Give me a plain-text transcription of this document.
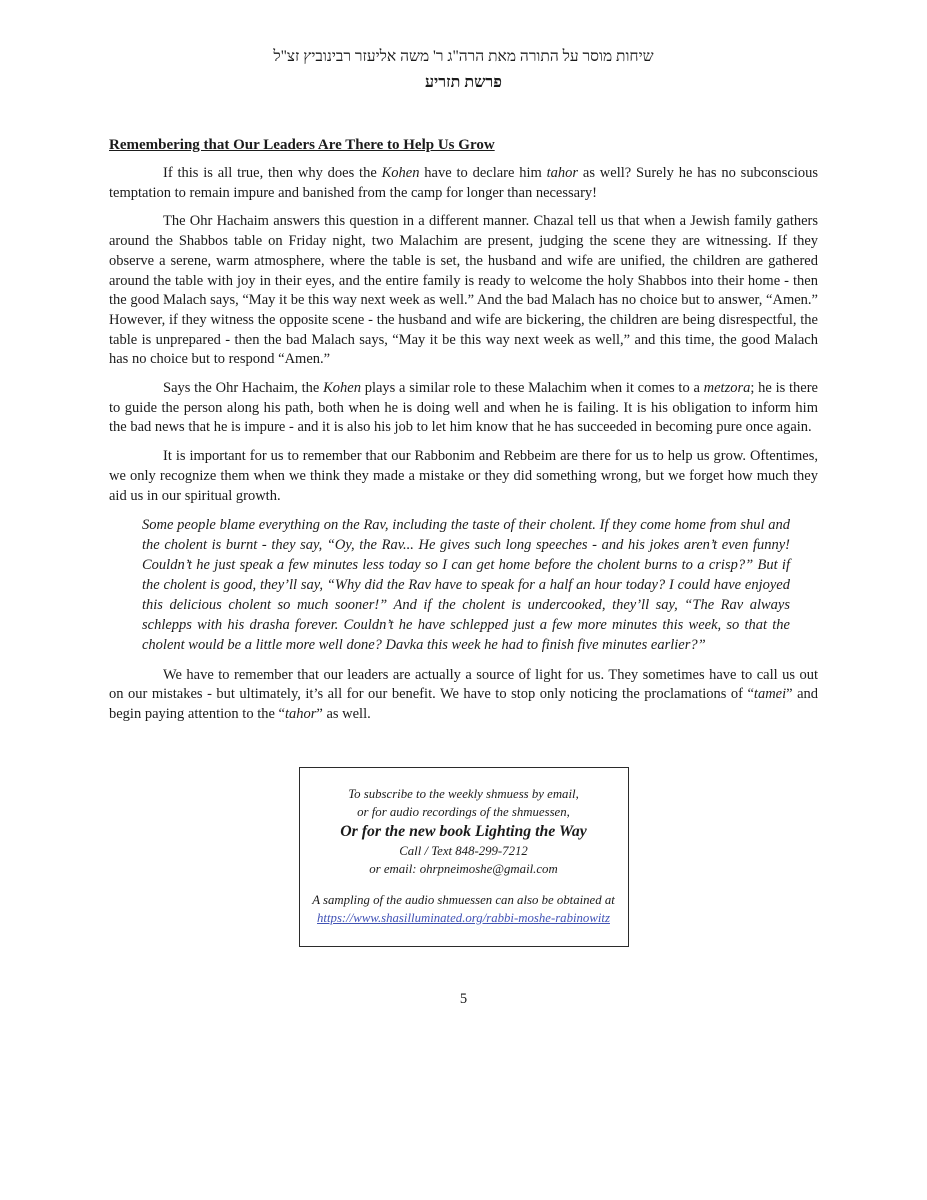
שיחות מוסר על התורה מאת הרה"ג ר' משה אליעזר רבינוביץ זצ"ל
פרשת תזריע
Remembering that Our Leaders Are There to Help Us Grow

If this is all true, then why does the Kohen have to declare him tahor as well? Surely he has no subconscious temptation to remain impure and banished from the camp for longer than necessary!

The Ohr Hachaim answers this question in a different manner. Chazal tell us that when a Jewish family gathers around the Shabbos table on Friday night, two Malachim are present, judging the scene they are witnessing. If they observe a serene, warm atmosphere, where the table is set, the husband and wife are unified, the children are gathered around the table with joy in their eyes, and the entire family is ready to welcome the holy Shabbos into their home - then the good Malach says, “May it be this way next week as well.” And the bad Malach has no choice but to answer, “Amen.” However, if they witness the opposite scene - the husband and wife are bickering, the children are being disrespectful, the table is unprepared - then the bad Malach says, “May it be this way next week as well,” and this time, the good Malach has no choice but to respond “Amen.”

Says the Ohr Hachaim, the Kohen plays a similar role to these Malachim when it comes to a metzora; he is there to guide the person along his path, both when he is doing well and when he is failing. It is his obligation to inform him the bad news that he is impure - and it is also his job to let him know that he has succeeded in becoming pure once again.

It is important for us to remember that our Rabbonim and Rebbeim are there for us to help us grow. Oftentimes, we only recognize them when we think they made a mistake or they did something wrong, but we forget how much they aid us in our spiritual growth.

Some people blame everything on the Rav, including the taste of their cholent. If they come home from shul and the cholent is burnt - they say, “Oy, the Rav... He gives such long speeches - and his jokes aren’t even funny! Couldn’t he just speak a few minutes less today so I can get home before the cholent burns to a crisp?” But if the cholent is good, they’ll say, “Why did the Rav have to speak for a half an hour today? I could have enjoyed this delicious cholent so much sooner!” And if the cholent is undercooked, they’ll say, “The Rav always schlepps with his drasha forever. Couldn’t he have schlepped just a few more minutes this week, so that the cholent would be a little more well done? Davka this week he had to finish five minutes earlier?”

We have to remember that our leaders are actually a source of light for us. They sometimes have to call us out on our mistakes - but ultimately, it’s all for our benefit. We have to stop only noticing the proclamations of “tamei” and begin paying attention to the “tahor” as well.

To subscribe to the weekly shmuess by email,
or for audio recordings of the shmuessen,
Or for the new book Lighting the Way
Call / Text 848-299-7212
or email: ohrpneimoshe@gmail.com
A sampling of the audio shmuessen can also be obtained at
https://www.shasilluminated.org/rabbi-moshe-rabinowitz
5
